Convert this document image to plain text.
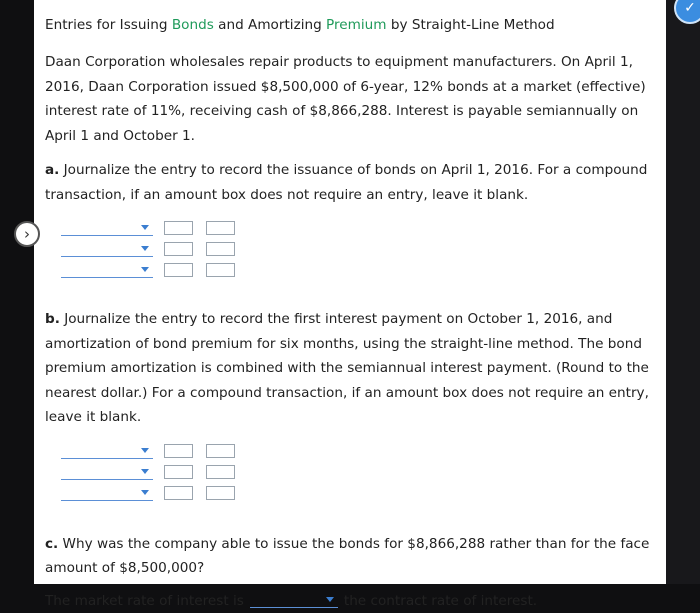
Entries for Issuing Bonds and Amortizing Premium by Straight-Line Method

Daan Corporation wholesales repair products to equipment manufacturers. On April 1, 2016, Daan Corporation issued $8,500,000 of 6-year, 12% bonds at a market (effective) interest rate of 11%, receiving cash of $8,866,288. Interest is payable semiannually on April 1 and October 1.

a. Journalize the entry to record the issuance of bonds on April 1, 2016. For a compound transaction, if an amount box does not require an entry, leave it blank.

›

b. Journalize the entry to record the first interest payment on October 1, 2016, and amortization of bond premium for six months, using the straight-line method. The bond premium amortization is combined with the semiannual interest payment. (Round to the nearest dollar.) For a compound transaction, if an amount box does not require an entry, leave it blank.

c. Why was the company able to issue the bonds for $8,866,288 rather than for the face amount of $8,500,000?

The market rate of interest is	the contract rate of interest.

✓
